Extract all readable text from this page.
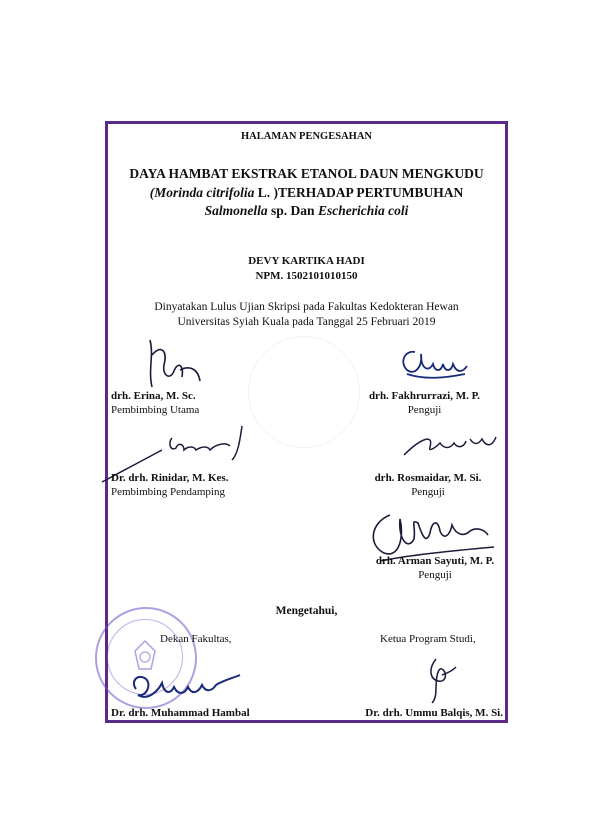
HALAMAN PENGESAHAN
DAYA HAMBAT EKSTRAK ETANOL DAUN MENGKUDU
(Morinda citrifolia L. )TERHADAP PERTUMBUHAN
Salmonella sp. Dan Escherichia coli
DEVY KARTIKA HADI
NPM. 1502101010150
Dinyatakan Lulus Ujian Skripsi pada Fakultas Kedokteran Hewan
Universitas Syiah Kuala pada Tanggal 25 Februari 2019
drh. Erina, M. Sc.
Pembimbing Utama
drh. Fakhrurrazi, M. P.
Penguji
Dr. drh. Rinidar, M. Kes.
Pembimbing Pendamping
drh. Rosmaidar, M. Si.
Penguji
drh. Arman Sayuti, M. P.
Penguji
Mengetahui,
Dekan Fakultas,	Ketua Program Studi,
Dr. drh. Muhammad Hambal	Dr. drh. Ummu Balqis, M. Si.
